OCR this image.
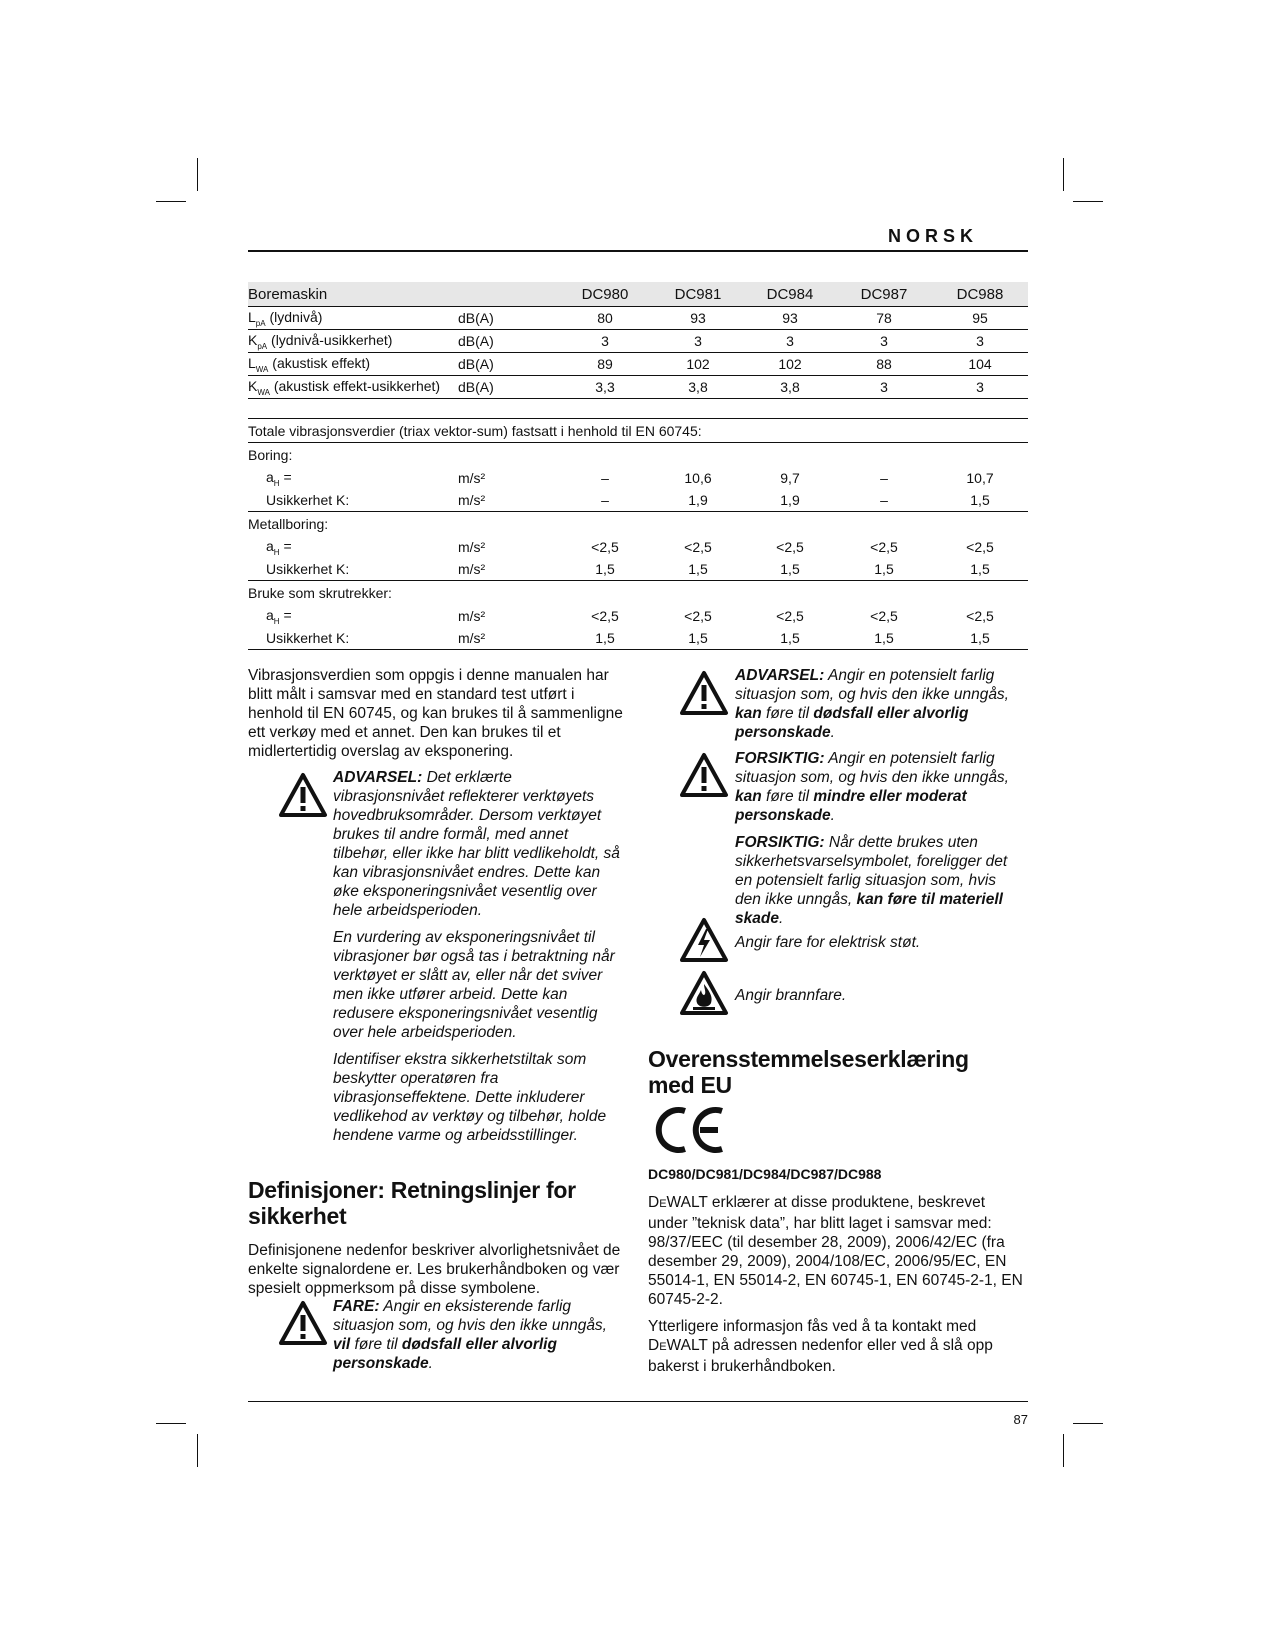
NORSK
Boremaskin		DC980	DC981	DC984	DC987	DC988
$L_{pA}$ (lydnivå)	dB(A)	80	93	93	78	95
$K_{pA}$ (lydnivå-usikkerhet)	dB(A)	3	3	3	3	3
$L_{WA}$ (akustisk effekt)	dB(A)	89	102	102	88	104
$K_{WA}$ (akustisk effekt-usikkerhet)	dB(A)	3,3	3,8	3,8	3	3
Totale vibrasjonsverdier (triax vektor-sum) fastsatt i henhold til EN 60745:						
Boring:						
$a_H$ =	m/s²	–	10,6	9,7	–	10,7
Usikkerhet K:	m/s²	–	1,9	1,9	–	1,5
Metallboring:						
$a_H$ =	m/s²	<2,5	<2,5	<2,5	<2,5	<2,5
Usikkerhet K:	m/s²	1,5	1,5	1,5	1,5	1,5
Bruke som skrutrekker:						
$a_H$ =	m/s²	<2,5	<2,5	<2,5	<2,5	<2,5
Usikkerhet K:	m/s²	1,5	1,5	1,5	1,5	1,5

Vibrasjonsverdien som oppgis i denne manualen har blitt målt i samsvar med en standard test utført i henhold til EN 60745, og kan brukes til å sammenligne ett verkøy med et annet. Den kan brukes til et midlertertidig overslag av eksponering.

ADVARSEL: Det erklærte vibrasjonsnivået reflekterer verktøyets hovedbruksområder. Dersom verktøyet brukes til andre formål, med annet tilbehør, eller ikke har blitt vedlikeholdt, så kan vibrasjonsnivået endres. Dette kan øke eksponeringsnivået vesentlig over hele arbeidsperioden.

En vurdering av eksponeringsnivået til vibrasjoner bør også tas i betraktning når verktøyet er slått av, eller når det sviver men ikke utfører arbeid. Dette kan redusere eksponeringsnivået vesentlig over hele arbeidsperioden.

Identifiser ekstra sikkerhetstiltak som beskytter operatøren fra vibrasjonseffektene. Dette inkluderer vedlikehod av verktøy og tilbehør, holde hendene varme og arbeidsstillinger.

Definisjoner: Retningslinjer for sikkerhet

Definisjonene nedenfor beskriver alvorlighetsnivået de enkelte signalordene er. Les brukerhåndboken og vær spesielt oppmerksom på disse symbolene.

FARE: Angir en eksisterende farlig situasjon som, og hvis den ikke unngås, vil føre til dødsfall eller alvorlig personskade.

ADVARSEL: Angir en potensielt farlig situasjon som, og hvis den ikke unngås, kan føre til dødsfall eller alvorlig personskade.

FORSIKTIG: Angir en potensielt farlig situasjon som, og hvis den ikke unngås, kan føre til mindre eller moderat personskade.

FORSIKTIG: Når dette brukes uten sikkerhetsvarselsymbolet, foreligger det en potensielt farlig situasjon som, hvis den ikke unngås, kan føre til materiell skade.

Angir fare for elektrisk støt.
Angir brannfare.
Overensstemmelseserklæring med EU
DC980/DC981/DC984/DC987/DC988

DEWALT erklærer at disse produktene, beskrevet under ”teknisk data”, har blitt laget i samsvar med: 98/37/EEC (til desember 28, 2009), 2006/42/EC (fra desember 29, 2009), 2004/108/EC, 2006/95/EC, EN 55014-1, EN 55014-2, EN 60745-1, EN 60745-2-1, EN 60745-2-2.

Ytterligere informasjon fås ved å ta kontakt med DEWALT på adressen nedenfor eller ved å slå opp bakerst i brukerhåndboken.

87
